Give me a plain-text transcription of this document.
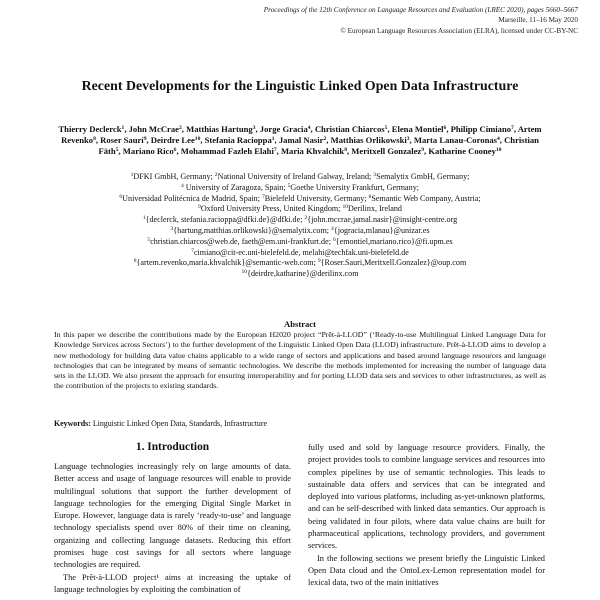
Proceedings of the 12th Conference on Language Resources and Evaluation (LREC 2020), pages 5660–5667
Marseille, 11–16 May 2020
© European Language Resources Association (ELRA), licensed under CC-BY-NC
Recent Developments for the Linguistic Linked Open Data Infrastructure
Thierry Declerck$^1$, John McCrae$^2$, Matthias Hartung$^3$, Jorge Gracia$^4$, Christian Chiarcos$^5$, Elena Montiel$^6$, Philipp Cimiano$^7$, Artem Revenko$^8$, Roser Saurí$^9$, Deirdre Lee$^{10}$, Stefania Racioppa$^1$, Jamal Nasir$^2$, Matthias Orlikowski$^3$, Marta Lanau-Coronas$^4$, Christian Fäth$^5$, Mariano Rico$^6$, Mohammad Fazleh Elahi$^7$, Maria Khvalchik$^8$, Meritxell Gonzalez$^9$, Katharine Cooney$^{10}$
$^1$DFKI GmbH, Germany; $^2$National University of Ireland Galway, Ireland; $^3$Semalytix GmbH, Germany;
$^4$ University of Zaragoza, Spain; $^5$Goethe University Frankfurt, Germany;
$^6$Universidad Politécnica de Madrid, Spain; $^7$Bielefeld University, Germany; $^8$Semantic Web Company, Austria;
$^9$Oxford University Press, United Kingdom; $^{10}$Derilinx, Ireland
$^1${declerck, stefania.racioppa@dfki.de}@dfki.de; $^2${john.mccrae,jamal.nasir}@insight-centre.org
$^3${hartung,matthias.orlikowski}@semalytix.com; $^4${jogracia,mlanau}@unizar.es
$^5$christian.chiarcos@web.de, faeth@em.uni-frankfurt.de; $^6${emontiel,mariano.rico}@fi.upm.es
$^7$cimiano@cit-ec.uni-bielefeld.de, melahi@techfak.uni-bielefeld.de
$^8${artem.revenko,maria.khvalchik}@semantic-web.com; $^9${Roser.Sauri,Meritxell.Gonzalez}@oup.com
$^{10}${deirdre,katharine}@derilinx.com
Abstract
In this paper we describe the contributions made by the European H2020 project “Prêt-à-LLOD” (‘Ready-to-use Multilingual Linked Language Data for Knowledge Services across Sectors’) to the further development of the Linguistic Linked Open Data (LLOD) infrastructure. Prêt-à-LLOD aims to develop a new methodology for building data value chains applicable to a wide range of sectors and applications and based around language resources and language technologies that can be integrated by means of semantic technologies. We describe the methods implemented for increasing the number of language data sets in the LLOD. We also present the approach for ensuring interoperability and for porting LLOD data sets and services to other infrastructures, as well as the contribution of the projects to existing standards.
Keywords: Linguistic Linked Open Data, Standards, Infrastructure
1. Introduction

Language technologies increasingly rely on large amounts of data. Better access and usage of language resources will enable to provide multilingual solutions that support the further development of language technologies for the emerging Digital Single Market in Europe. However, language data is rarely ‘ready-to-use’ and language technology specialists spend over 80% of their time on cleaning, organizing and collecting language datasets. Reducing this effort promises huge cost savings for all sectors where language technologies are required.

The Prêt-à-LLOD project¹ aims at increasing the uptake of language technologies by exploiting the combination of

fully used and sold by language resource providers. Finally, the project provides tools to combine language services and resources into complex pipelines by use of semantic technologies. This leads to sustainable data offers and services that can be integrated and deployed into various platforms, including as-yet-unknown platforms, and can be self-described with linked data semantics. Our approach is being validated in four pilots, where data value chains are built for pharmaceutical applications, technology providers, and government services.

In the following sections we present briefly the Linguistic Linked Open Data cloud and the OntoLex-Lemon representation model for lexical data, two of the main initiatives
